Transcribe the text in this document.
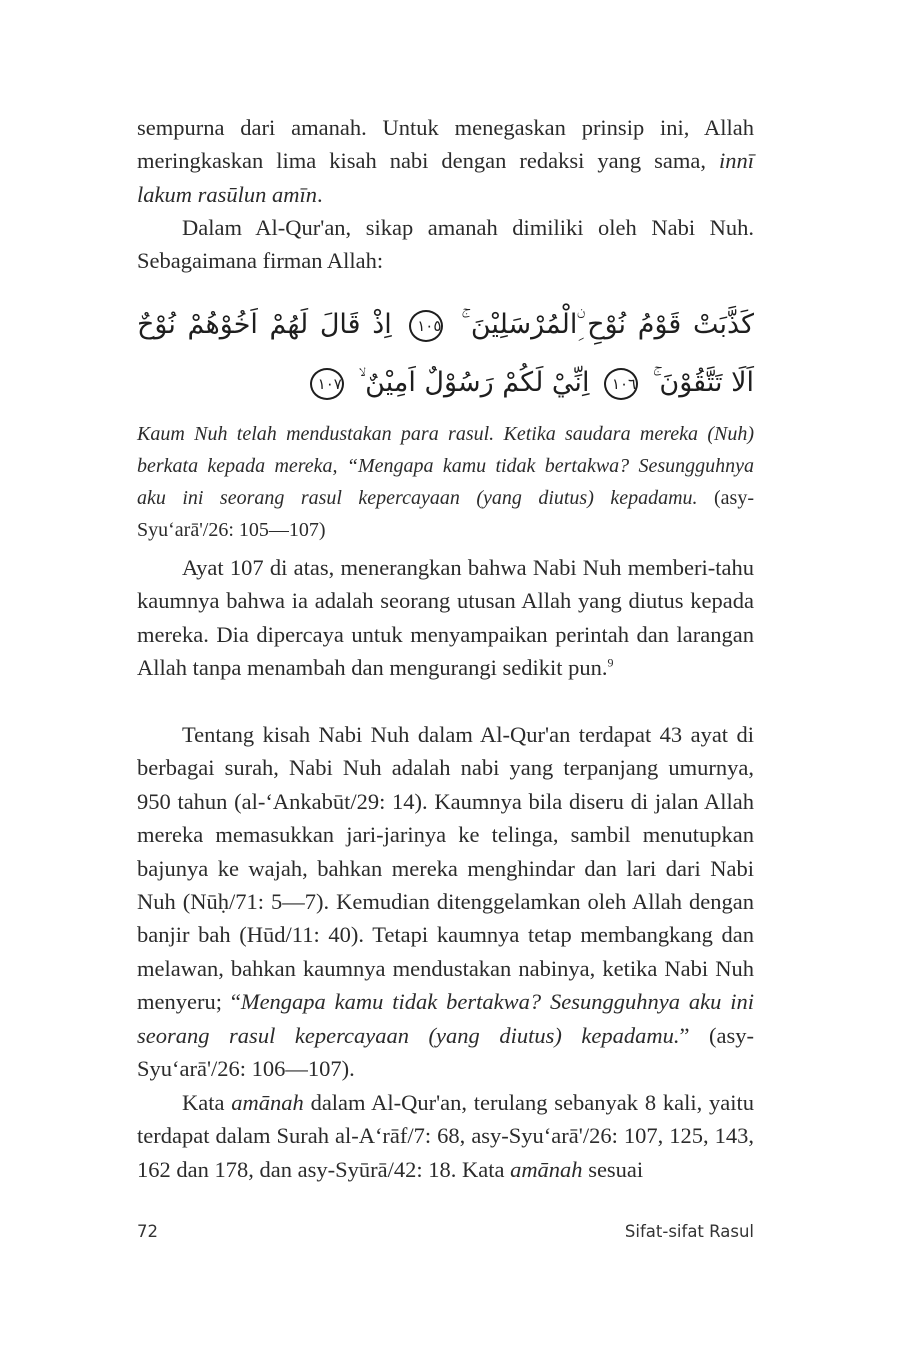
sempurna dari amanah. Untuk menegaskan prinsip ini, Allah meringkaskan lima kisah nabi dengan redaksi yang sama, innī lakum rasūlun amīn.

Dalam Al-Qur'an, sikap amanah dimiliki oleh Nabi Nuh. Sebagaimana firman Allah:

كَذَّبَتْ قَوْمُ نُوْحِ ِۨالْمُرْسَلِيْنَ ۚ ١٠٥ اِذْ قَالَ لَهُمْ اَخُوْهُمْ نُوْحٌ اَلَا تَتَّقُوْنَ ۚ ١٠٦ اِنِّيْ لَكُمْ رَسُوْلٌ اَمِيْنٌ ۙ ١٠٧

Kaum Nuh telah mendustakan para rasul. Ketika saudara mereka (Nuh) berkata kepada mereka, “Mengapa kamu tidak bertakwa? Sesungguhnya aku ini seorang rasul kepercayaan (yang diutus) kepadamu. (asy-Syu‘arā'/26: 105—107)

Ayat 107 di atas, menerangkan bahwa Nabi Nuh memberi-tahu kaumnya bahwa ia adalah seorang utusan Allah yang diutus kepada mereka. Dia dipercaya untuk menyampaikan perintah dan larangan Allah tanpa menambah dan mengurangi sedikit pun.$^9$

Tentang kisah Nabi Nuh dalam Al-Qur'an terdapat 43 ayat di berbagai surah, Nabi Nuh adalah nabi yang terpanjang umurnya, 950 tahun (al-‘Ankabūt/29: 14). Kaumnya bila diseru di jalan Allah mereka memasukkan jari-jarinya ke telinga, sambil menutupkan bajunya ke wajah, bahkan mereka menghindar dan lari dari Nabi Nuh (Nūḥ/71: 5—7). Kemudian ditenggelamkan oleh Allah dengan banjir bah (Hūd/11: 40). Tetapi kaumnya tetap membangkang dan melawan, bahkan kaumnya mendustakan nabinya, ketika Nabi Nuh menyeru; “Mengapa kamu tidak bertakwa? Sesungguhnya aku ini seorang rasul kepercayaan (yang diutus) kepadamu.” (asy-Syu‘arā'/26: 106—107).

Kata amānah dalam Al-Qur'an, terulang sebanyak 8 kali, yaitu terdapat dalam Surah al-A‘rāf/7: 68, asy-Syu‘arā'/26: 107, 125, 143, 162 dan 178, dan asy-Syūrā/42: 18. Kata amānah sesuai

72	Sifat-sifat Rasul
